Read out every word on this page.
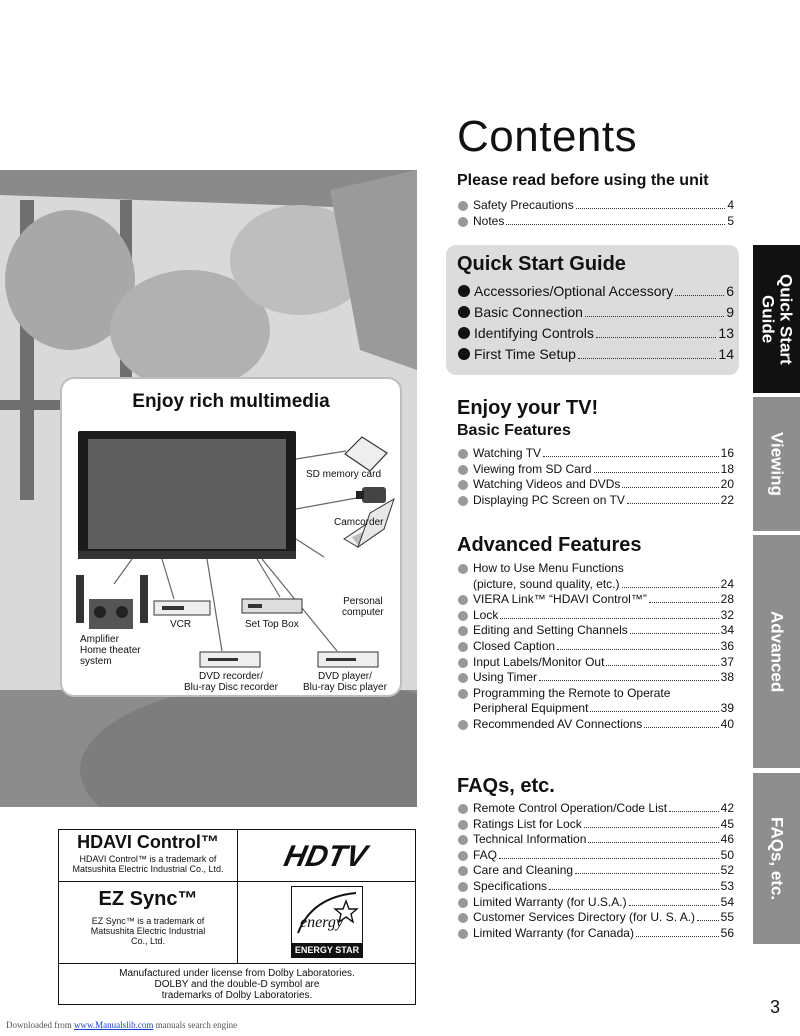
Enjoy rich multimedia
SD memory card
Camcorder
Personal
computer
Amplifier
Home theater
system
VCR	Set Top Box
DVD recorder/
Blu-ray Disc recorder
DVD player/
Blu-ray Disc player
HDAVI Control™
HDAVI Control™ is a trademark of
Matsushita Electric Industrial Co., Ltd.	HDTV
EZ Sync™
EZ Sync™ is a trademark of
Matsushita Electric Industrial
Co., Ltd.
energy
ENERGY STAR
Manufactured under license from Dolby Laboratories.
DOLBY and the double-D symbol are
trademarks of Dolby Laboratories.
Contents
Please read before using the unit
Safety Precautions	4
Notes	5
Quick Start Guide
Accessories/Optional Accessory	6
Basic Connection	9
Identifying Controls	13
First Time Setup	14
Enjoy your TV!
Basic Features
Watching TV	16
Viewing from SD Card	18
Watching Videos and DVDs	20
Displaying PC Screen on TV	22
Advanced Features
How to Use Menu Functions
(picture, sound quality, etc.)	24
VIERA Link™ “HDAVI Control™”	28
Lock	32
Editing and Setting Channels	34
Closed Caption	36
Input Labels/Monitor Out	37
Using Timer	38
Programming the Remote to Operate
Peripheral Equipment	39
Recommended AV Connections	40
FAQs, etc.
Remote Control Operation/Code List	42
Ratings List for Lock	45
Technical Information	46
FAQ	50
Care and Cleaning	52
Specifications	53
Limited Warranty (for U.S.A.)	54
Customer Services Directory (for U. S. A.) 55
Limited Warranty (for Canada)	56
Quick Start
Guide
Viewing
Advanced
FAQs, etc.
3
Downloaded from www.Manualslib.com manuals search engine
